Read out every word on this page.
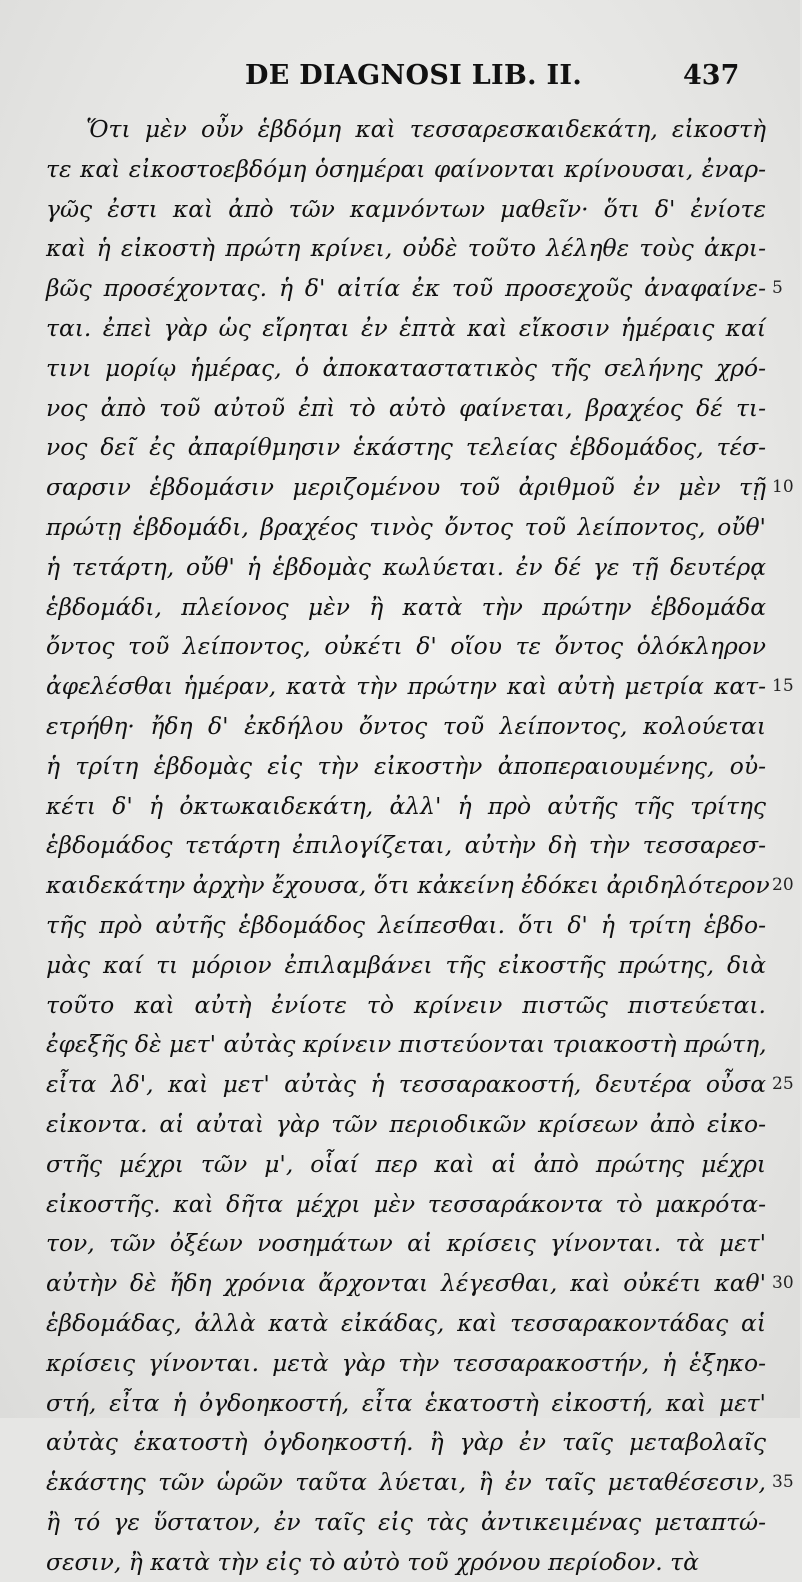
DE DIAGNOSI LIB. II.	437
Ὅτι μὲν οὖν ἑβδόμη καὶ τεσσαρεσκαιδεκάτη, εἰκοστὴ
τε καὶ εἰκοστοεβδόμη ὁσημέραι φαίνονται κρίνουσαι, ἐναρ-
γῶς ἐστι καὶ ἀπὸ τῶν καμνόντων μαθεῖν· ὅτι δ' ἐνίοτε
καὶ ἡ εἰκοστὴ πρώτη κρίνει, οὐδὲ τοῦτο λέληθε τοὺς ἀκρι-
βῶς προσέχοντας. ἡ δ' αἰτία ἐκ τοῦ προσεχοῦς ἀναφαίνε- 5
ται. ἐπεὶ γὰρ ὡς εἴρηται ἐν ἑπτὰ καὶ εἴκοσιν ἡμέραις καί
τινι μορίῳ ἡμέρας, ὁ ἀποκαταστατικὸς τῆς σελήνης χρό-
νος ἀπὸ τοῦ αὐτοῦ ἐπὶ τὸ αὐτὸ φαίνεται, βραχέος δέ τι-
νος δεῖ ἐς ἀπαρίθμησιν ἑκάστης τελείας ἑβδομάδος, τέσ-
σαρσιν ἑβδομάσιν μεριζομένου τοῦ ἀριθμοῦ ἐν μὲν τῇ 10
πρώτῃ ἑβδομάδι, βραχέος τινὸς ὄντος τοῦ λείποντος, οὔθ'
ἡ τετάρτη, οὔθ' ἡ ἑβδομὰς κωλύεται. ἐν δέ γε τῇ δευτέρᾳ
ἑβδομάδι, πλείονος μὲν ἢ κατὰ τὴν πρώτην ἑβδομάδα
ὄντος τοῦ λείποντος, οὐκέτι δ' οἵου τε ὄντος ὁλόκληρον
ἀφελέσθαι ἡμέραν, κατὰ τὴν πρώτην καὶ αὐτὴ μετρία κατ- 15
ετρήθη· ἤδη δ' ἐκδήλου ὄντος τοῦ λείποντος, κολούεται
ἡ τρίτη ἑβδομὰς εἰς τὴν εἰκοστὴν ἀποπεραιουμένης, οὐ-
κέτι δ' ἡ ὀκτωκαιδεκάτη, ἀλλ' ἡ πρὸ αὐτῆς τῆς τρίτης
ἑβδομάδος τετάρτη ἐπιλογίζεται, αὐτὴν δὴ τὴν τεσσαρεσ-
καιδεκάτην ἀρχὴν ἔχουσα, ὅτι κἀκείνη ἐδόκει ἀριδηλότερον 20
τῆς πρὸ αὐτῆς ἑβδομάδος λείπεσθαι. ὅτι δ' ἡ τρίτη ἑβδο-
μὰς καί τι μόριον ἐπιλαμβάνει τῆς εἰκοστῆς πρώτης, διὰ
τοῦτο καὶ αὐτὴ ἐνίοτε τὸ κρίνειν πιστῶς πιστεύεται.
ἐφεξῆς δὲ μετ' αὐτὰς κρίνειν πιστεύονται τριακοστὴ πρώτη,
εἶτα λδ', καὶ μετ' αὐτὰς ἡ τεσσαρακοστή, δευτέρα οὖσα 25
εἰκοντα. αἱ αὐταὶ γὰρ τῶν περιοδικῶν κρίσεων ἀπὸ εἰκο-
στῆς μέχρι τῶν μ', οἷαί περ καὶ αἱ ἀπὸ πρώτης μέχρι
εἰκοστῆς. καὶ δῆτα μέχρι μὲν τεσσαράκοντα τὸ μακρότα-
τον, τῶν ὀξέων νοσημάτων αἱ κρίσεις γίνονται. τὰ μετ'
αὐτὴν δὲ ἤδη χρόνια ἄρχονται λέγεσθαι, καὶ οὐκέτι καθ' 30
ἑβδομάδας, ἀλλὰ κατὰ εἰκάδας, καὶ τεσσαρακοντάδας αἱ
κρίσεις γίνονται. μετὰ γὰρ τὴν τεσσαρακοστήν, ἡ ἑξηκο-
στή, εἶτα ἡ ὀγδοηκοστή, εἶτα ἑκατοστὴ εἰκοστή, καὶ μετ'
αὐτὰς ἑκατοστὴ ὀγδοηκοστή. ἢ γὰρ ἐν ταῖς μεταβολαῖς
ἑκάστης τῶν ὡρῶν ταῦτα λύεται, ἢ ἐν ταῖς μεταθέσεσιν, 35
ἢ τό γε ὕστατον, ἐν ταῖς εἰς τὰς ἀντικειμένας μεταπτώ-
σεσιν, ἢ κατὰ τὴν εἰς τὸ αὐτὸ τοῦ χρόνου περίοδον. τὰ
